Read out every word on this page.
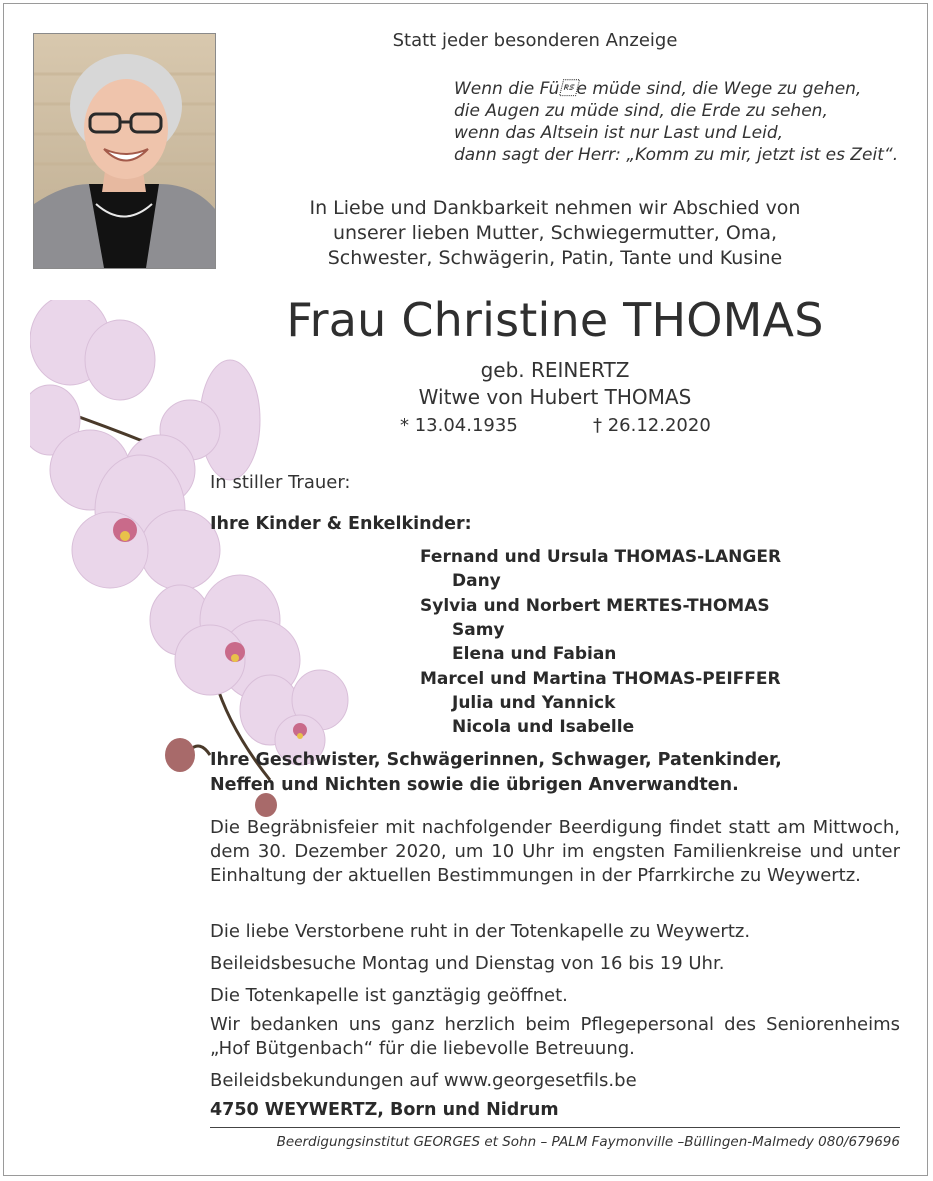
Statt jeder besonderen Anzeige

Wenn die Füe müde sind, die Wege zu gehen,
die Augen zu müde sind, die Erde zu sehen,
wenn das Altsein ist nur Last und Leid,
dann sagt der Herr: „Komm zu mir, jetzt ist es Zeit“.
In Liebe und Dankbarkeit nehmen wir Abschied von
unserer lieben Mutter, Schwiegermutter, Oma,
Schwester, Schwägerin, Patin, Tante und Kusine

Frau Christine THOMAS

geb. REINERTZ

Witwe von Hubert THOMAS

* 13.04.1935	† 26.12.2020

In stiller Trauer:

Ihre Kinder & Enkelkinder:

Fernand und Ursula THOMAS-LANGER

Dany

Sylvia und Norbert MERTES-THOMAS

Samy

Elena und Fabian

Marcel und Martina THOMAS-PEIFFER

Julia und Yannick

Nicola und Isabelle

Ihre Geschwister, Schwägerinnen, Schwager, Patenkinder,
Neffen und Nichten sowie die übrigen Anverwandten.

Die Begräbnisfeier mit nachfolgender Beerdigung findet statt am Mittwoch, dem 30. Dezember 2020, um 10 Uhr im engsten Familienkreise und unter Einhaltung der aktuellen Bestimmungen in der Pfarrkirche zu Weywertz.

Die liebe Verstorbene ruht in der Totenkapelle zu Weywertz.

Beileidsbesuche Montag und Dienstag von 16 bis 19 Uhr.

Die Totenkapelle ist ganztägig geöffnet.

Wir bedanken uns ganz herzlich beim Pflegepersonal des Seniorenheims „Hof Bütgenbach“ für die liebevolle Betreuung.

Beileidsbekundungen auf www.georgesetfils.be

4750 WEYWERTZ, Born und Nidrum

Beerdigungsinstitut GEORGES et Sohn – PALM Faymonville –Büllingen-Malmedy 080/679696
